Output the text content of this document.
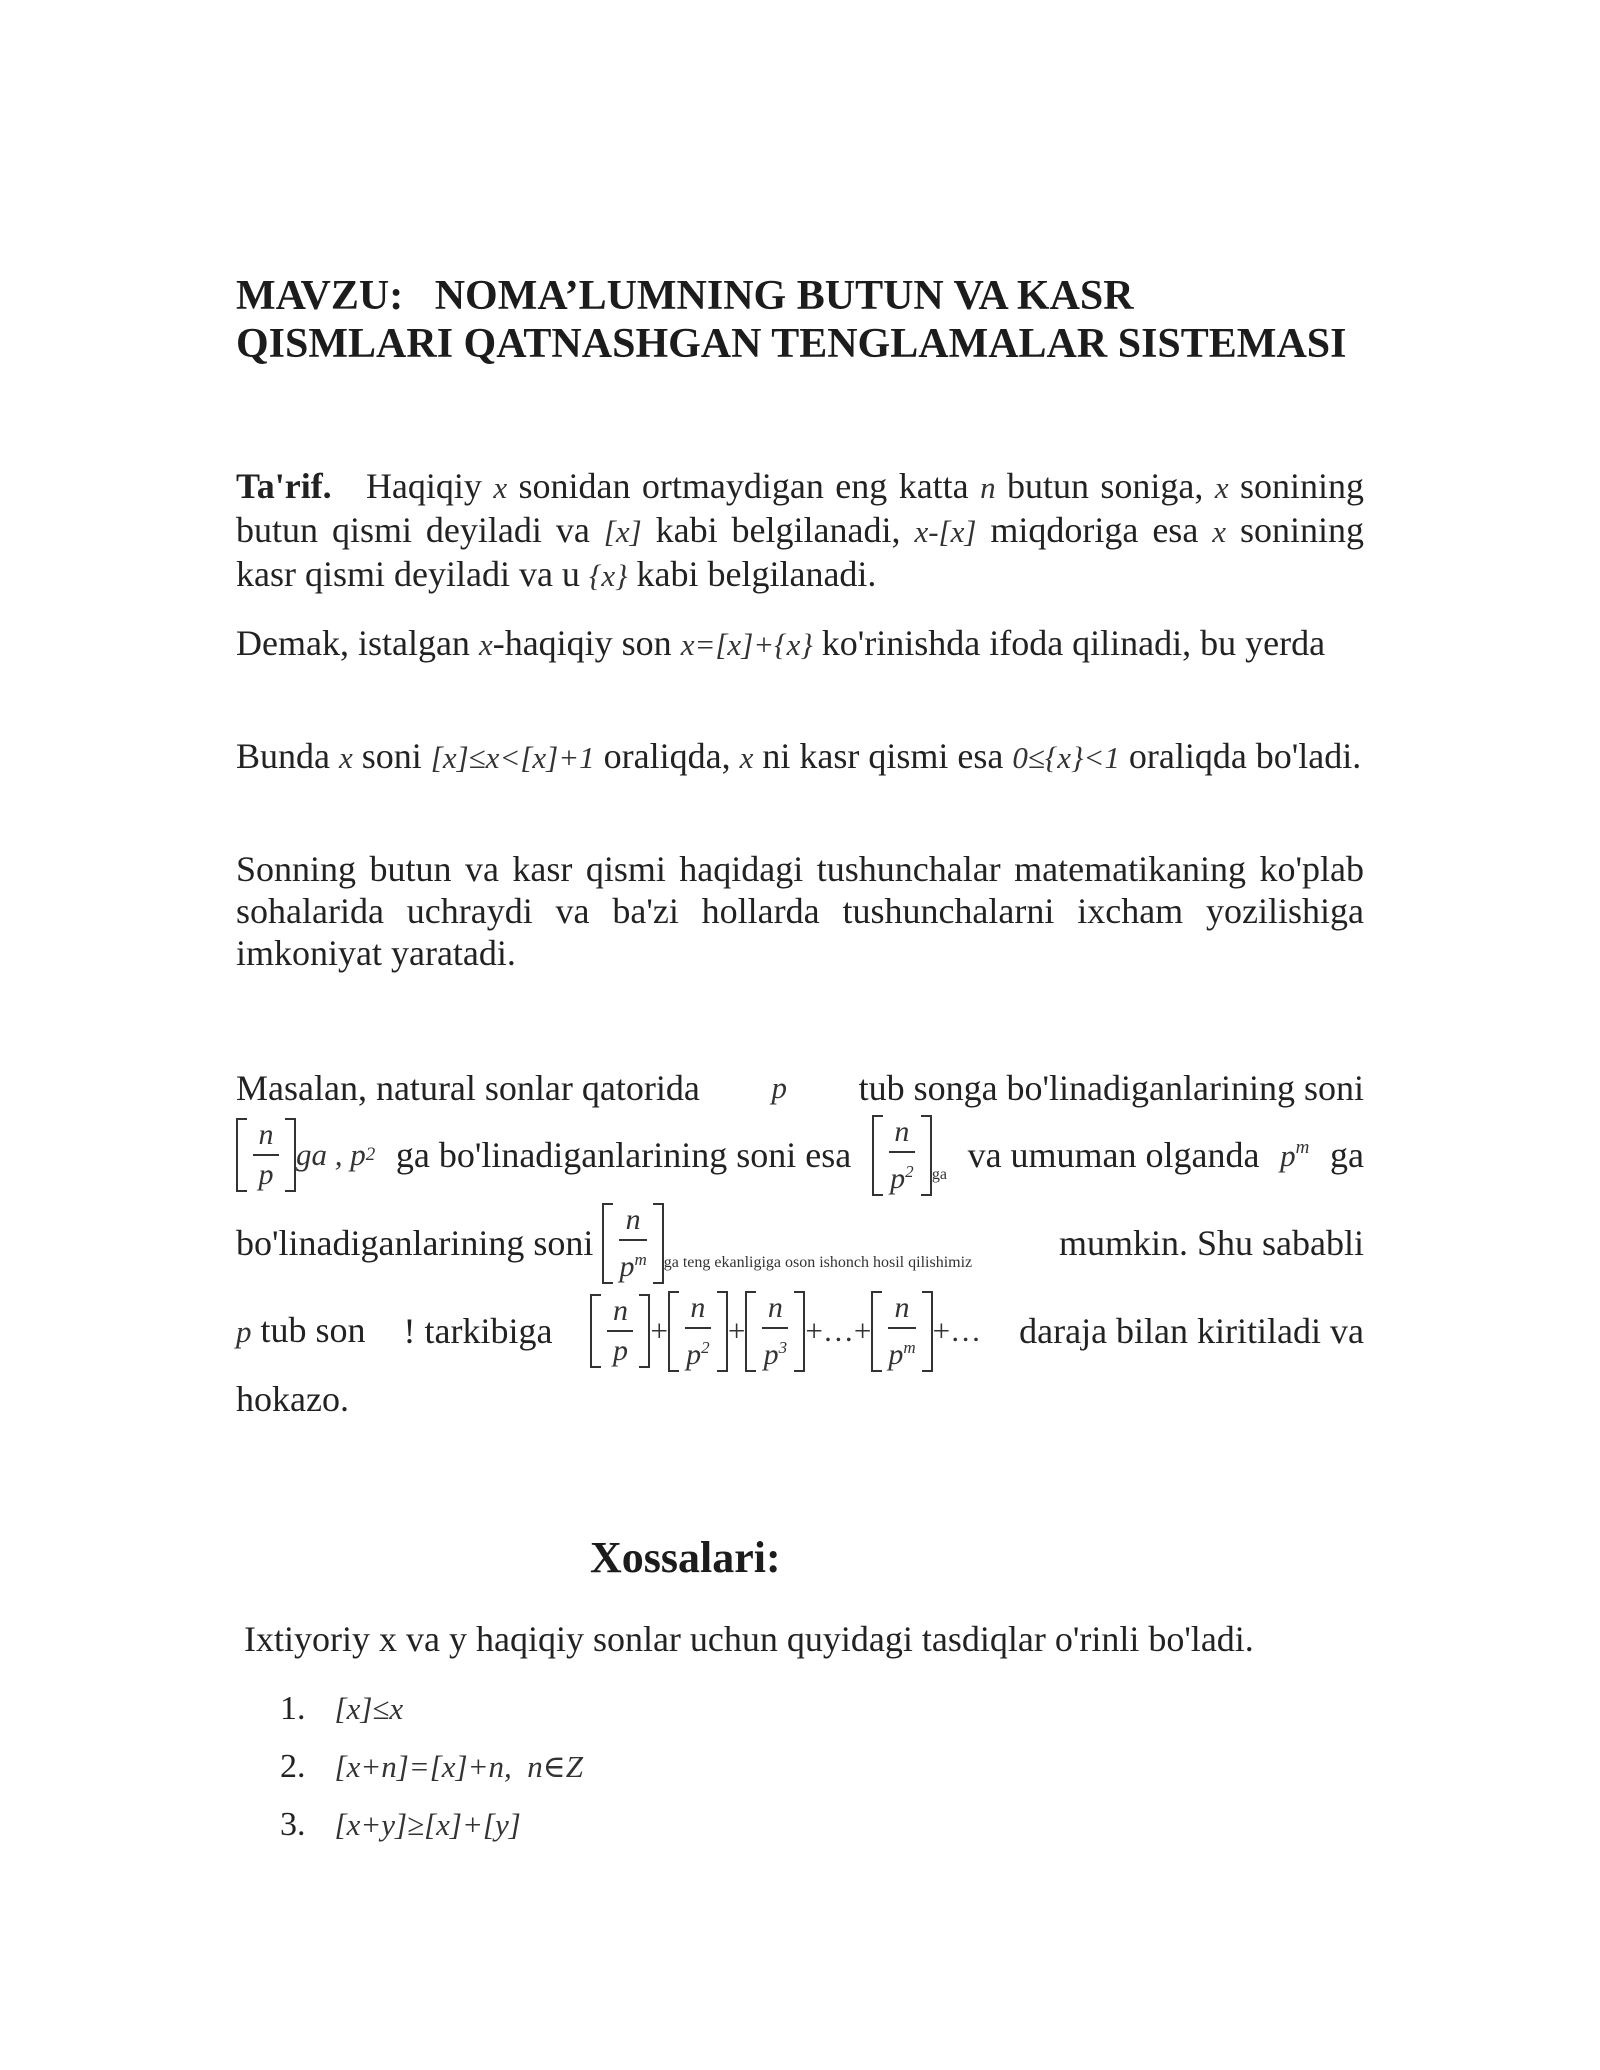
MAVZU:   NOMA’LUMNING BUTUN VA KASR
QISMLARI QATNASHGAN TENGLAMALAR SISTEMASI
Ta'rif. Haqiqiy x sonidan ortmaydigan eng katta n butun soniga, x sonining butun qismi deyiladi va [x] kabi belgilanadi, x-[x] miqdoriga esa x sonining kasr qismi deyiladi va u {x} kabi belgilanadi.
Demak, istalgan x-haqiqiy son x=[x]+{x} ko'rinishda ifoda qilinadi, bu yerda
Bunda x soni [x]≤x<[x]+1 oraliqda, x ni kasr qismi esa 0≤{x}<1 oraliqda bo'ladi.
Sonning butun va kasr qismi haqidagi tushunchalar matematikaning ko'plab sohalarida uchraydi va ba'zi hollarda tushunchalarni ixcham yozilishiga imkoniyat yaratadi.
Masalan, natural sonlar qatorida p tub songa bo'linadiganlarining soni
$\frac{n}{p}$ ga , p 2 ga bo'linadiganlarining soni esa $\frac{n}{p^2}$ ga va umuman olganda $p^m$ ga
bo'linadiganlarining soni
$\frac{n}{p^m}$ ga teng ekanligiga oson ishonch hosil qilishimiz mumkin. Shu sababli
p tub son ! tarkibiga $\frac{n}{p} + \frac{n}{p^2} + \frac{n}{p^3}$ +…+ $\frac{n}{p^m}$ +… daraja bilan kiritiladi va
hokazo.
Xossalari:
Ixtiyoriy x va y haqiqiy sonlar uchun quyidagi tasdiqlar o'rinli bo'ladi.
1. [x]≤x
2. [x+n]=[x]+n,  n∈Z
3. [x+y]≥[x]+[y]
